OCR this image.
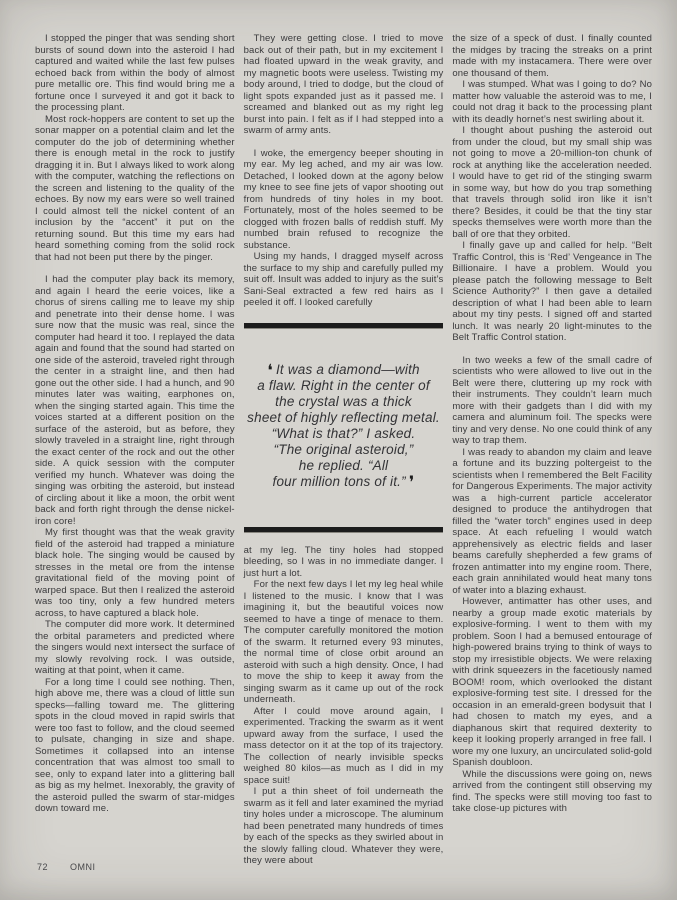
I stopped the pinger that was sending short bursts of sound down into the asteroid I had captured and waited while the last few pulses echoed back from within the body of almost pure metallic ore. This find would bring me a fortune once I surveyed it and got it back to the processing plant.

Most rock-hoppers are content to set up the sonar mapper on a potential claim and let the computer do the job of determining whether there is enough metal in the rock to justify dragging it in. But I always liked to work along with the computer, watching the reflections on the screen and listening to the quality of the echoes. By now my ears were so well trained I could almost tell the nickel content of an inclusion by the “accent” it put on the returning sound. But this time my ears had heard something coming from the solid rock that had not been put there by the pinger.

I had the computer play back its memory, and again I heard the eerie voices, like a chorus of sirens calling me to leave my ship and penetrate into their dense home. I was sure now that the music was real, since the computer had heard it too. I replayed the data again and found that the sound had started on one side of the asteroid, traveled right through the center in a straight line, and then had gone out the other side. I had a hunch, and 90 minutes later was waiting, earphones on, when the singing started again. This time the voices started at a different position on the surface of the asteroid, but as before, they slowly traveled in a straight line, right through the exact center of the rock and out the other side. A quick session with the computer verified my hunch. Whatever was doing the singing was orbiting the asteroid, but instead of circling about it like a moon, the orbit went back and forth right through the dense nickel-iron core!

My first thought was that the weak gravity field of the asteroid had trapped a miniature black hole. The singing would be caused by stresses in the metal ore from the intense gravitational field of the moving point of warped space. But then I realized the asteroid was too tiny, only a few hundred meters across, to have captured a black hole.

The computer did more work. It determined the orbital parameters and predicted where the singers would next intersect the surface of my slowly revolving rock. I was outside, waiting at that point, when it came.

For a long time I could see nothing. Then, high above me, there was a cloud of little sun specks—falling toward me. The glittering spots in the cloud moved in rapid swirls that were too fast to follow, and the cloud seemed to pulsate, changing in size and shape. Sometimes it collapsed into an intense concentration that was almost too small to see, only to expand later into a glittering ball as big as my helmet. Inexorably, the gravity of the asteroid pulled the swarm of star-midges down toward me.

They were getting close. I tried to move back out of their path, but in my excitement I had floated upward in the weak gravity, and my magnetic boots were useless. Twisting my body around, I tried to dodge, but the cloud of light spots expanded just as it passed me. I screamed and blanked out as my right leg burst into pain. I felt as if I had stepped into a swarm of army ants.

I woke, the emergency beeper shouting in my ear. My leg ached, and my air was low. Detached, I looked down at the agony below my knee to see fine jets of vapor shooting out from hundreds of tiny holes in my boot. Fortunately, most of the holes seemed to be clogged with frozen balls of reddish stuff. My numbed brain refused to recognize the substance.

Using my hands, I dragged myself across the surface to my ship and carefully pulled my suit off. Insult was added to injury as the suit’s Sani-Seal extracted a few red hairs as I peeled it off. I looked carefully

❛ It was a diamond—with
a flaw. Right in the center of
the crystal was a thick
sheet of highly reflecting metal.
“What is that?” I asked.
“The original asteroid,”
he replied. “All
four million tons of it.” ❜

at my leg. The tiny holes had stopped bleeding, so I was in no immediate danger. I just hurt a lot.

For the next few days I let my leg heal while I listened to the music. I know that I was imagining it, but the beautiful voices now seemed to have a tinge of menace to them. The computer carefully monitored the motion of the swarm. It returned every 93 minutes, the normal time of close orbit around an asteroid with such a high density. Once, I had to move the ship to keep it away from the singing swarm as it came up out of the rock underneath.

After I could move around again, I experimented. Tracking the swarm as it went upward away from the surface, I used the mass detector on it at the top of its trajectory. The collection of nearly invisible specks weighed 80 kilos—as much as I did in my space suit!

I put a thin sheet of foil underneath the swarm as it fell and later examined the myriad tiny holes under a microscope. The aluminum had been penetrated many hundreds of times by each of the specks as they swirled about in the slowly falling cloud. Whatever they were, they were about

the size of a speck of dust. I finally counted the midges by tracing the streaks on a print made with my instacamera. There were over one thousand of them.

I was stumped. What was I going to do? No matter how valuable the asteroid was to me, I could not drag it back to the processing plant with its deadly hornet’s nest swirling about it.

I thought about pushing the asteroid out from under the cloud, but my small ship was not going to move a 20-million-ton chunk of rock at anything like the acceleration needed. I would have to get rid of the stinging swarm in some way, but how do you trap something that travels through solid iron like it isn’t there? Besides, it could be that the tiny star specks themselves were worth more than the ball of ore that they orbited.

I finally gave up and called for help. “Belt Traffic Control, this is ‘Red’ Vengeance in The Billionaire. I have a problem. Would you please patch the following message to Belt Science Authority?” I then gave a detailed description of what I had been able to learn about my tiny pests. I signed off and started lunch. It was nearly 20 light-minutes to the Belt Traffic Control station.

In two weeks a few of the small cadre of scientists who were allowed to live out in the Belt were there, cluttering up my rock with their instruments. They couldn’t learn much more with their gadgets than I did with my camera and aluminum foil. The specks were tiny and very dense. No one could think of any way to trap them.

I was ready to abandon my claim and leave a fortune and its buzzing poltergeist to the scientists when I remembered the Belt Facility for Dangerous Experiments. The major activity was a high-current particle accelerator designed to produce the antihydrogen that filled the “water torch” engines used in deep space. At each refueling I would watch apprehensively as electric fields and laser beams carefully shepherded a few grams of frozen antimatter into my engine room. There, each grain annihilated would heat many tons of water into a blazing exhaust.

However, antimatter has other uses, and nearby a group made exotic materials by explosive-forming. I went to them with my problem. Soon I had a bemused entourage of high-powered brains trying to think of ways to stop my irresistible objects. We were relaxing with drink squeezers in the facetiously named BOOM! room, which overlooked the distant explosive-forming test site. I dressed for the occasion in an emerald-green bodysuit that I had chosen to match my eyes, and a diaphanous skirt that required dexterity to keep it looking properly arranged in free fall. I wore my one luxury, an uncirculated solid-gold Spanish doubloon.

While the discussions were going on, news arrived from the contingent still observing my find. The specks were still moving too fast to take close-up pictures with

72 OMNI
